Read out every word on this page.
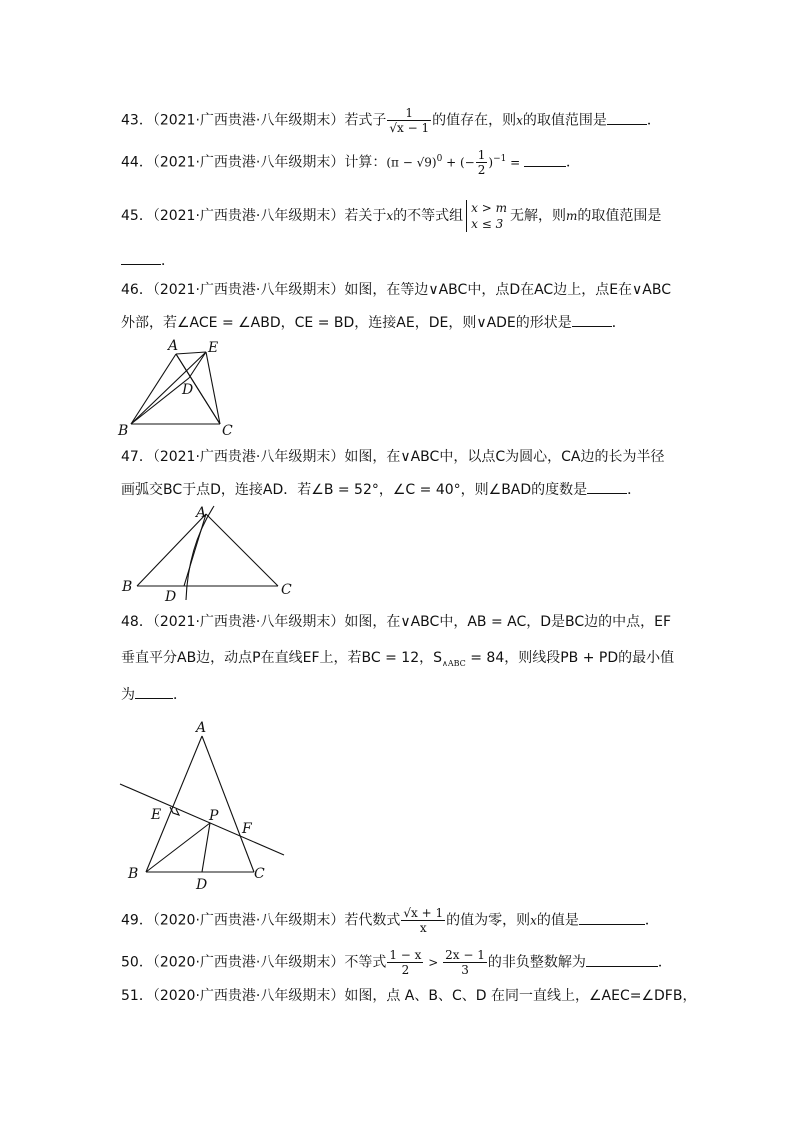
43．（2021·广西贵港·八年级期末）若式子 $\frac{1}{√x - 1}$ 的值存在，则x的取值范围是	．
44．（2021·广西贵港·八年级期末）计算：$(\pi - √9)^0$ + (− $\frac{1}{2} )^{-1}$ =	．
45．（2021·广西贵港·八年级期末）若关于x的不等式组 x > m
x ≤ 3 无解，则m的取值范围是
．
46．（2021·广西贵港·八年级期末）如图，在等边∨ABC中，点D在AC边上，点E在∨ABC
外部，若∠ACE = ∠ABD，CE = BD，连接AE，DE，则∨ADE的形状是	．
A E
D
B	C
47．（2021·广西贵港·八年级期末）如图，在∨ABC中，以点C为圆心，CA边的长为半径
画弧交BC于点D，连接AD．若∠B = 52°，∠C = 40°，则∠BAD的度数是	．
A
B
D	C
48．（2021·广西贵港·八年级期末）如图，在∨ABC中，AB = AC，D是BC边的中点，EF
垂直平分AB边，动点P在直线EF上，若BC = 12，$S_{\wedge ABC} = 84$，则线段PB + PD的最小值
为	．
A
E	P
F
B
D
C
49．（2020·广西贵港·八年级期末）若代数式 $\frac{√x + 1}{x}$ 的值为零，则x的值是	．
50．（2020·广西贵港·八年级期末）不等式 $\frac{1 - x}{2} > \frac{2x - 1}{3}$ 的非负整数解为	．
51．（2020·广西贵港·八年级期末）如图，点 A、B、C、D 在同一直线上，∠AEC=∠DFB，
